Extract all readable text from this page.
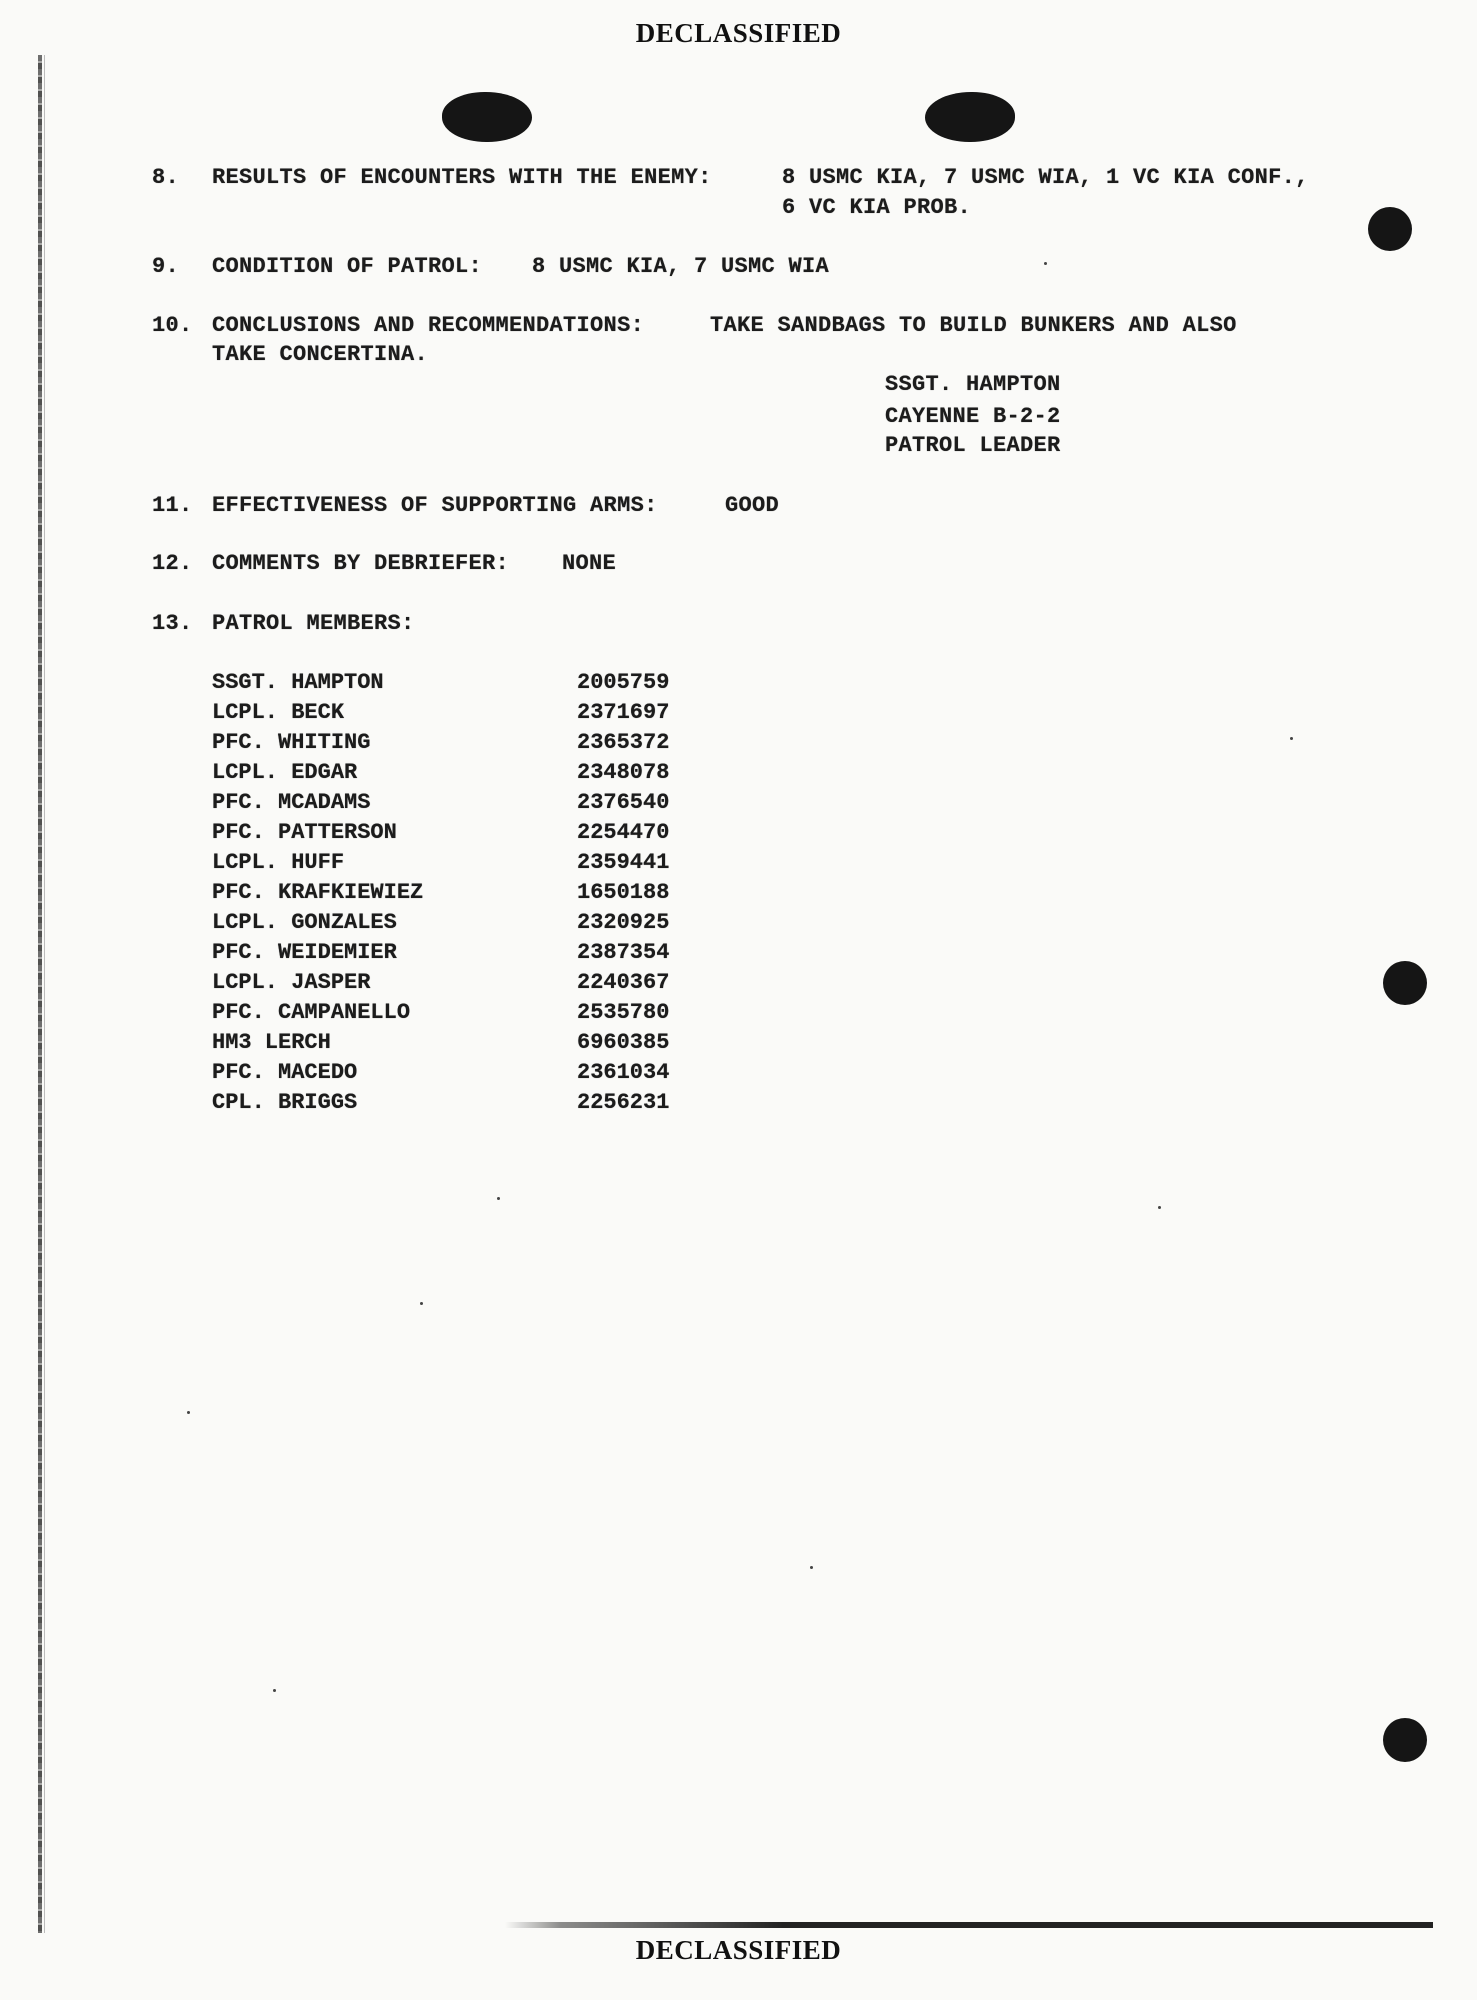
DECLASSIFIED
8. RESULTS OF ENCOUNTERS WITH THE ENEMY:	8 USMC KIA, 7 USMC WIA, 1 VC KIA CONF.,
6 VC KIA PROB.
9. CONDITION OF PATROL: 8 USMC KIA, 7 USMC WIA
10. CONCLUSIONS AND RECOMMENDATIONS:	TAKE SANDBAGS TO BUILD BUNKERS AND ALSO
TAKE CONCERTINA.
SSGT. HAMPTON
CAYENNE B-2-2
PATROL LEADER
11. EFFECTIVENESS OF SUPPORTING ARMS:	GOOD
12. COMMENTS BY DEBRIEFER: NONE
13. PATROL MEMBERS:
SSGT. HAMPTON	2005759
LCPL. BECK	2371697
PFC. WHITING	2365372
LCPL. EDGAR	2348078
PFC. MCADAMS	2376540
PFC. PATTERSON	2254470
LCPL. HUFF	2359441
PFC. KRAFKIEWIEZ	1650188
LCPL. GONZALES	2320925
PFC. WEIDEMIER	2387354
LCPL. JASPER	2240367
PFC. CAMPANELLO	2535780
HM3 LERCH	6960385
PFC. MACEDO	2361034
CPL. BRIGGS	2256231
DECLASSIFIED
